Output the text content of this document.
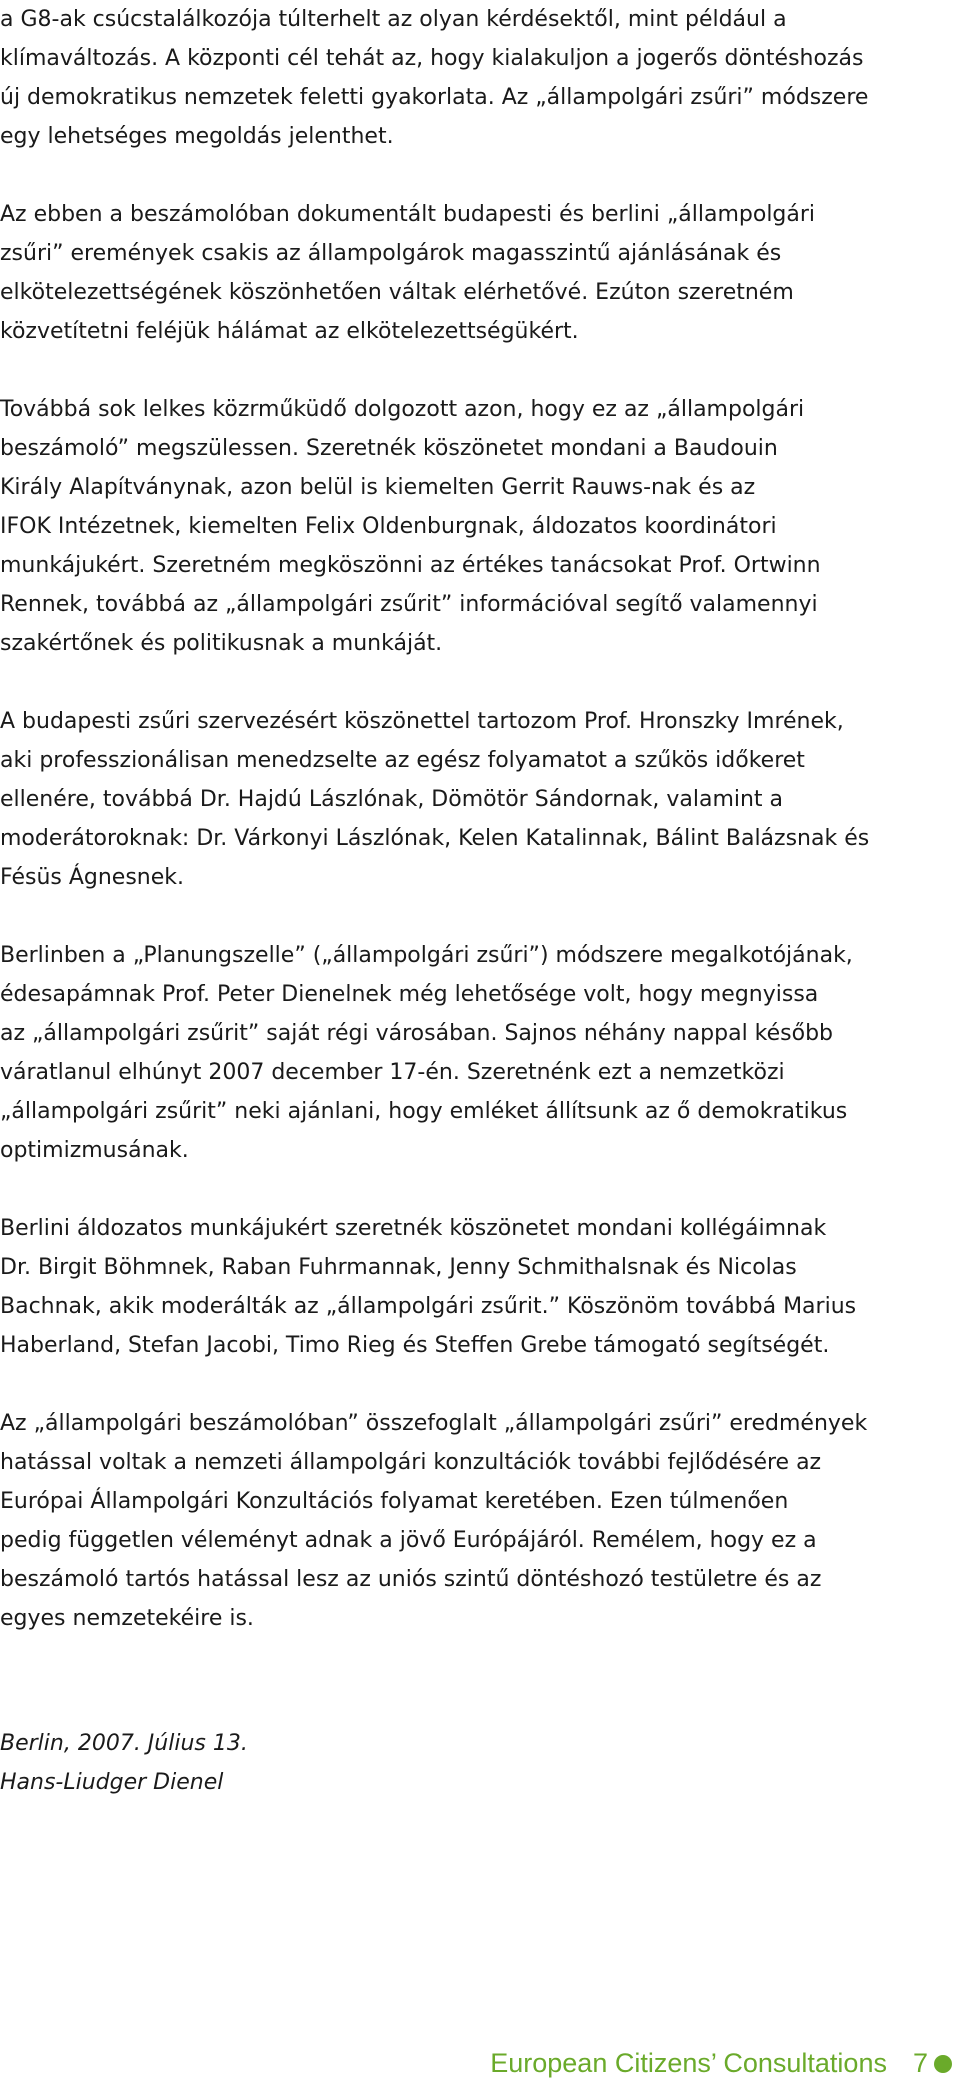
a G8-ak csúcstalálkozója túlterhelt az olyan kérdésektől, mint például a
klímaváltozás. A központi cél tehát az, hogy kialakuljon a jogerős döntéshozás
új demokratikus nemzetek feletti gyakorlata. Az „állampolgári zsűri” módszere
egy lehetséges megoldás jelenthet.

Az ebben a beszámolóban dokumentált budapesti és berlini „állampolgári
zsűri” eremények csakis az állampolgárok magasszintű ajánlásának és
elkötelezettségének köszönhetően váltak elérhetővé. Ezúton szeretném
közvetítetni feléjük hálámat az elkötelezettségükért.

Továbbá sok lelkes közrműküdő dolgozott azon, hogy ez az „állampolgári
beszámoló” megszülessen. Szeretnék köszönetet mondani a Baudouin
Király Alapítványnak, azon belül is kiemelten Gerrit Rauws-nak és az
IFOK Intézetnek, kiemelten Felix Oldenburgnak, áldozatos koordinátori
munkájukért. Szeretném megköszönni az értékes tanácsokat Prof. Ortwinn
Rennek, továbbá az „állampolgári zsűrit” információval segítő valamennyi
szakértőnek és politikusnak a munkáját.

A budapesti zsűri szervezésért köszönettel tartozom Prof. Hronszky Imrének,
aki professzionálisan menedzselte az egész folyamatot a szűkös időkeret
ellenére, továbbá Dr. Hajdú Lászlónak, Dömötör Sándornak, valamint a
moderátoroknak: Dr. Várkonyi Lászlónak, Kelen Katalinnak, Bálint Balázsnak és
Fésüs Ágnesnek.

Berlinben a „Planungszelle” („állampolgári zsűri”) módszere megalkotójának,
édesapámnak Prof. Peter Dienelnek még lehetősége volt, hogy megnyissa
az „állampolgári zsűrit” saját régi városában. Sajnos néhány nappal később
váratlanul elhúnyt 2007 december 17-én. Szeretnénk ezt a nemzetközi
„állampolgári zsűrit” neki ajánlani, hogy emléket állítsunk az ő demokratikus
optimizmusának.

Berlini áldozatos munkájukért szeretnék köszönetet mondani kollégáimnak
Dr. Birgit Böhmnek, Raban Fuhrmannak, Jenny Schmithalsnak és Nicolas
Bachnak, akik moderálták az „állampolgári zsűrit.” Köszönöm továbbá Marius
Haberland, Stefan Jacobi, Timo Rieg és Steffen Grebe támogató segítségét.

Az „állampolgári beszámolóban” összefoglalt „állampolgári zsűri” eredmények
hatással voltak a nemzeti állampolgári konzultációk további fejlődésére az
Európai Állampolgári Konzultációs folyamat keretében. Ezen túlmenően
pedig független véleményt adnak a jövő Európájáról. Remélem, hogy ez a
beszámoló tartós hatással lesz az uniós szintű döntéshozó testületre és az
egyes nemzetekéire is.

Berlin, 2007. Július 13.
Hans-Liudger Dienel
European Citizens’ Consultations 7
